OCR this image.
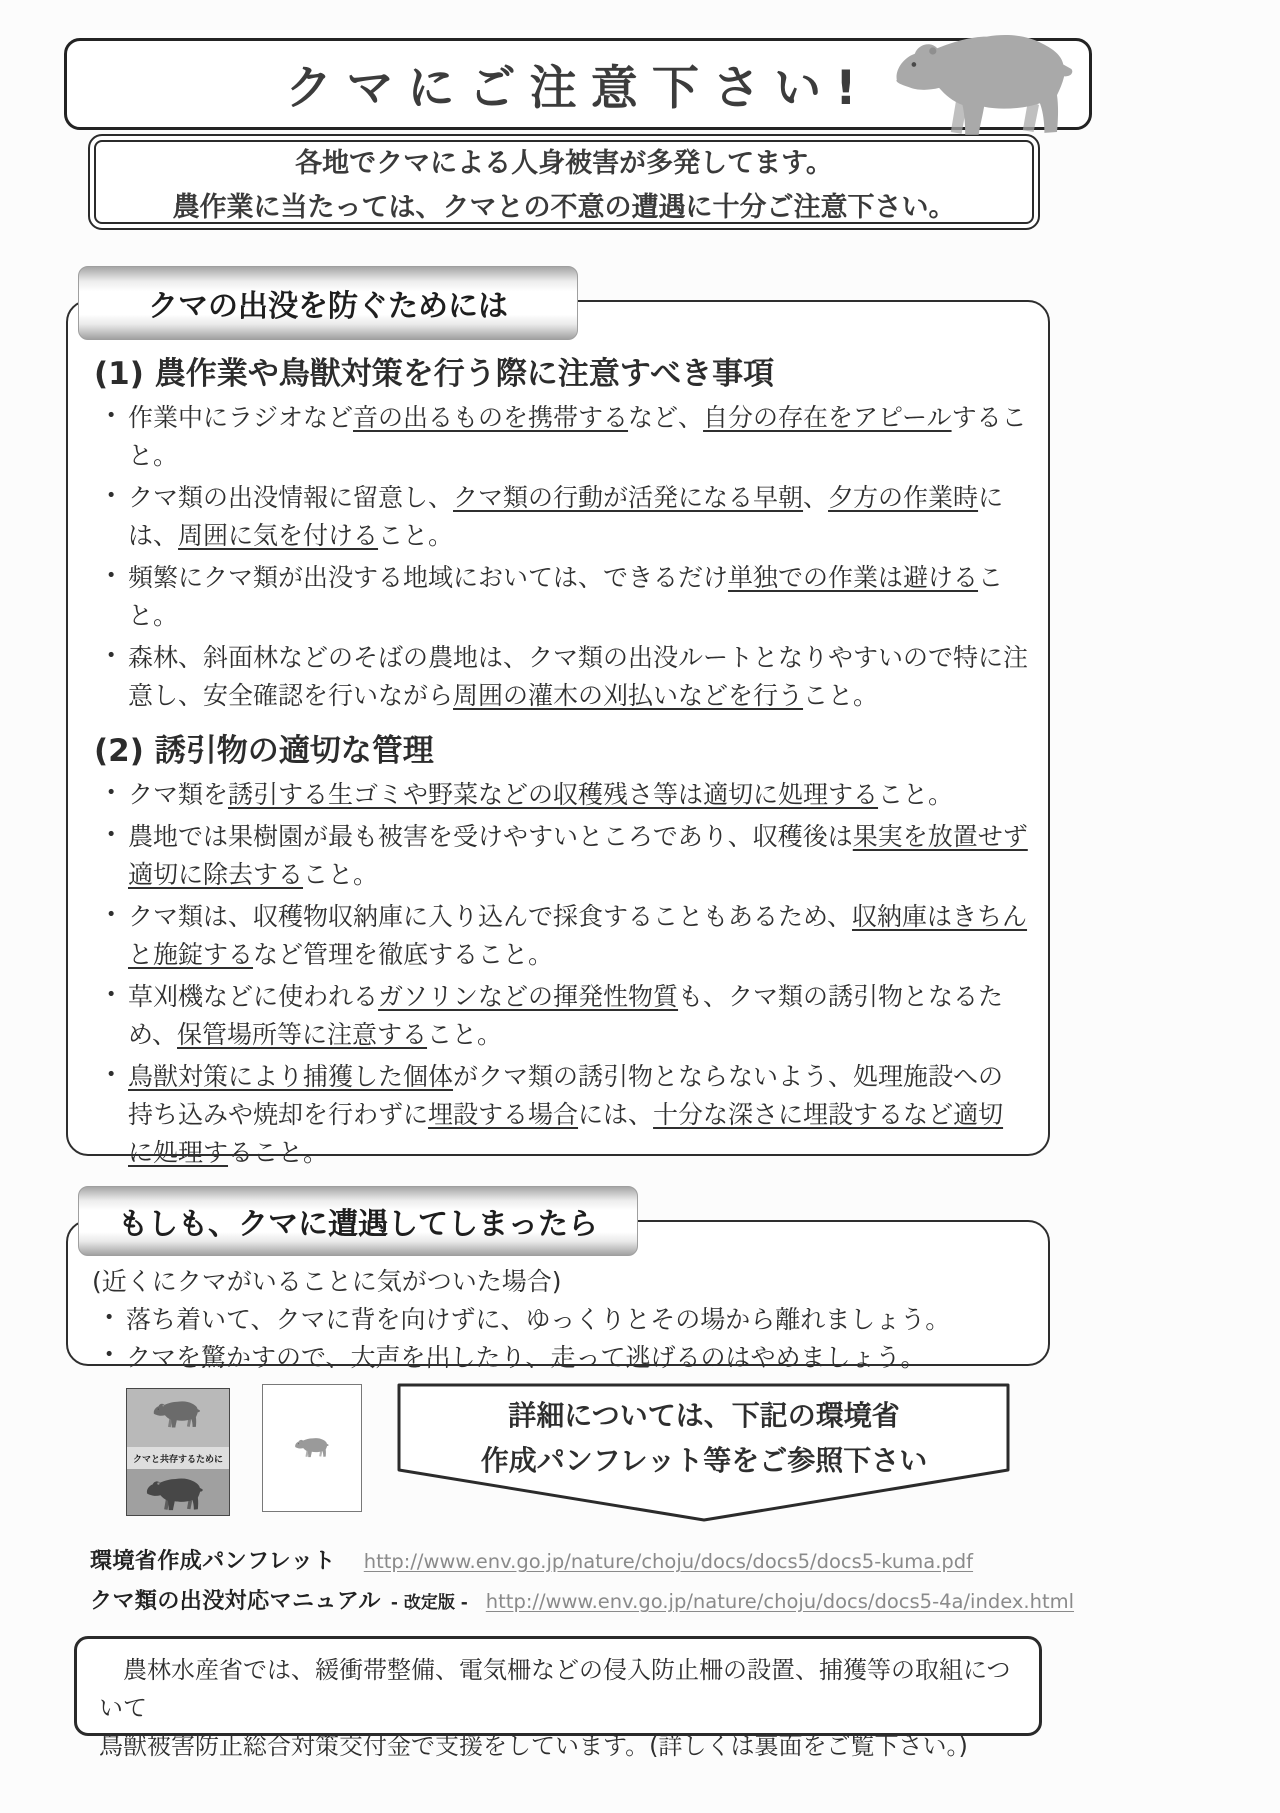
クマにご注意下さい!

各地でクマによる人身被害が多発してます。

農作業に当たっては、クマとの不意の遭遇に十分ご注意下さい。

クマの出没を防ぐためには
(1) 農作業や鳥獣対策を行う際に注意すべき事項
• 作業中にラジオなど音の出るものを携帯するなど、自分の存在をアピールすること。
• クマ類の出没情報に留意し、クマ類の行動が活発になる早朝、夕方の作業時には、周囲に気を付けること。
• 頻繁にクマ類が出没する地域においては、できるだけ単独での作業は避けること。
• 森林、斜面林などのそばの農地は、クマ類の出没ルートとなりやすいので特に注意し、安全確認を行いながら周囲の灌木の刈払いなどを行うこと。
(2) 誘引物の適切な管理
• クマ類を誘引する生ゴミや野菜などの収穫残さ等は適切に処理すること。
• 農地では果樹園が最も被害を受けやすいところであり、収穫後は果実を放置せず適切に除去すること。
• クマ類は、収穫物収納庫に入り込んで採食することもあるため、収納庫はきちんと施錠するなど管理を徹底すること。
• 草刈機などに使われるガソリンなどの揮発性物質も、クマ類の誘引物となるため、保管場所等に注意すること。
• 鳥獣対策により捕獲した個体がクマ類の誘引物とならないよう、処理施設への持ち込みや焼却を行わずに埋設する場合には、十分な深さに埋設するなど適切に処理すること。
もしも、クマに遭遇してしまったら

(近くにクマがいることに気がついた場合)

• 落ち着いて、クマに背を向けずに、ゆっくりとその場から離れましょう。
• クマを驚かすので、大声を出したり、走って逃げるのはやめましょう。
クマと共存するために

詳細については、下記の環境省

作成パンフレット等をご参照下さい

環境省作成パンフレット http://www.env.go.jp/nature/choju/docs/docs5/docs5-kuma.pdf
クマ類の出没対応マニュアル - 改定版 - http://www.env.go.jp/nature/choju/docs/docs5-4a/index.html

農林水産省では、緩衝帯整備、電気柵などの侵入防止柵の設置、捕獲等の取組について

鳥獣被害防止総合対策交付金で支援をしています。(詳しくは裏面をご覧下さい。)
